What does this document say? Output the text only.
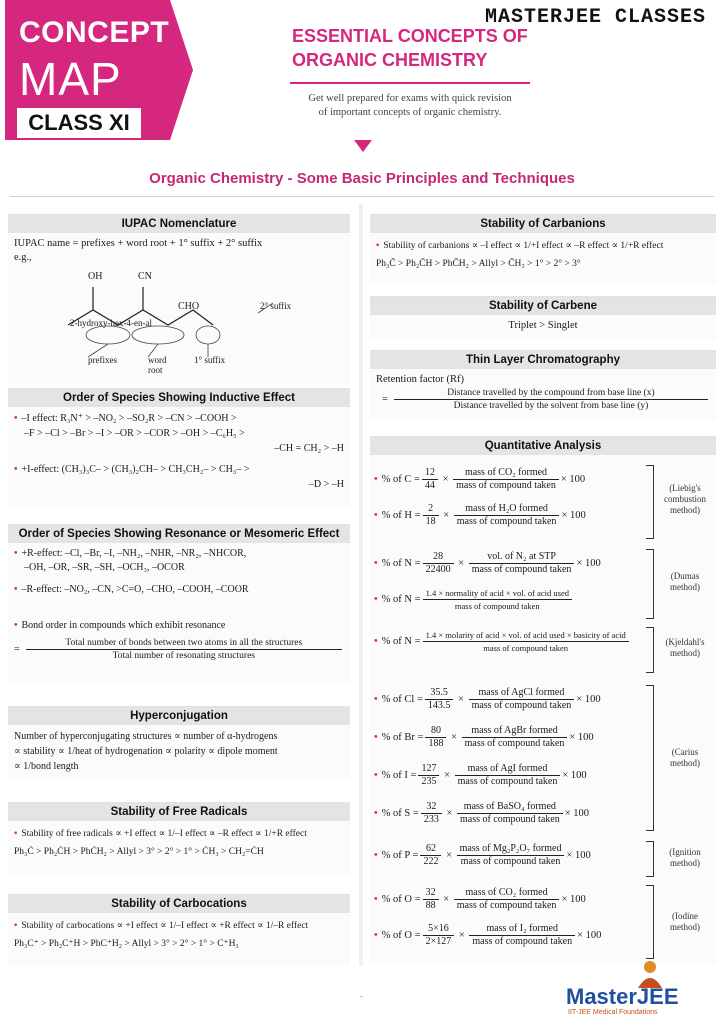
CONCEPT
MAP
CLASS XI
MASTERJEE CLASSES
ESSENTIAL CONCEPTS OF
ORGANIC CHEMISTRY
Get well prepared for exams with quick revision
of important concepts of organic chemistry.
Organic Chemistry - Some Basic Principles and Techniques
IUPAC Nomenclature
IUPAC name = prefixes + word root + 1° suffix + 2° suffix
e.g.,
OH	CN
CHO
2-hydroxy-hex-4-en-al
prefixes	word root
1° suffix
2° suffix
Order of Species Showing Inductive Effect
• –I effect: R₃N⁺ > –NO₂ > –SO₂R > –CN > –COOH >
–F > –Cl > –Br > –I > –OR > –COR > –OH > –C₆H₅ >
–CH = CH₂ > –H
• +I-effect: (CH₃)₃C– > (CH₃)₂CH– > CH₃CH₂– > CH₃– >
–D > –H
Order of Species Showing Resonance or Mesomeric Effect
• +R-effect: –Cl, –Br, –I, –NH₂, –NHR, –NR₂, –NHCOR,
–OH, –OR, –SR, –SH, –OCH₃, –OCOR
• –R-effect: –NO₂, –CN, >C=O, –CHO, –COOH, –COOR
• Bond order in compounds which exhibit resonance
=
Total number of bonds between two atoms in all the structures
Total number of resonating structures
Hyperconjugation
Number of hyperconjugating structures ∝ number of α-hydrogens
∝ stability ∝ 1/heat of hydrogenation ∝ polarity ∝ dipole moment
∝ 1/bond length
Stability of Free Radicals
• Stability of free radicals ∝ +I effect ∝ 1/–I effect ∝ –R effect ∝ 1/+R effect
Ph₃Ċ > Ph₂ĊH > PhĊH₂ > Allyl > 3° > 2° > 1° > ĊH₃ > CH₂=ĊH
Stability of Carbocations
• Stability of carbocations ∝ +I effect ∝ 1/–I effect ∝ +R effect ∝ 1/–R effect
Ph₃C⁺ > Ph₂C⁺H > PhC⁺H₂ > Allyl > 3° > 2° > 1° > C⁺H₃
Stability of Carbanions
• Stability of carbanions ∝ –I effect ∝ 1/+I effect ∝ –R effect ∝ 1/+R effect
Ph₃C̄ > Ph₂C̄H > PhC̄H₂ > Allyl > C̄H₃ > 1° > 2° > 3°
Stability of Carbene
Triplet > Singlet
Thin Layer Chromatography
Retention factor (Rf)
= $\frac{\text{Distance travelled by the compound from base line (x)}}{\text{Distance travelled by the solvent from base line (y)}}$
Quantitative Analysis
• % of $C = \frac{12}{44} \times \frac{\text{mass of CO₂ formed}}{\text{mass of compound taken}} \times 100$
• % of $H = \frac{2}{18} \times \frac{\text{mass of H₂O formed}}{\text{mass of compound taken}} \times 100$
• % of $N = \frac{28}{22400} \times \frac{\text{vol. of N₂ at STP}}{\text{mass of compound taken}} \times 100$
• % of $N = \frac{\text{1.4 × normality of acid × vol. of acid used}}{\text{mass of compound taken}}$
• % of N =
1.4 × molarity of acid × vol. of acid used × basicity of acid
mass of compound taken
• % of $Cl = \frac{35.5}{143.5} \times \frac{\text{mass of AgCl formed}}{\text{mass of compound taken}} \times 100$
• % of $Br = \frac{80}{188} \times \frac{\text{mass of AgBr formed}}{\text{mass of compound taken}} \times 100$
• % of $I = \frac{127}{235} \times \frac{\text{mass of AgI formed}}{\text{mass of compound taken}} \times 100$
• % of $S = \frac{32}{233} \times \frac{\text{mass of BaSO₄ formed}}{\text{mass of compound taken}} \times 100$
• % of $P = \frac{62}{222} \times \frac{\text{mass of Mg₂P₂O₇ formed}}{\text{mass of compound taken}} \times 100$
• % of $O = \frac{32}{88} \times \frac{\text{mass of CO₂ formed}}{\text{mass of compound taken}} \times 100$
• % of $O = \frac{5\times 16}{2\times 127} \times \frac{\text{mass of I₂ formed}}{\text{mass of compound taken}} \times 100$
(Liebig's combustion method)
(Dumas method)
(Kjeldahl's method)
(Carius method)
(Ignition method)
(Iodine method)
-	MasterJEE
IIT-JEE Medical Foundations
